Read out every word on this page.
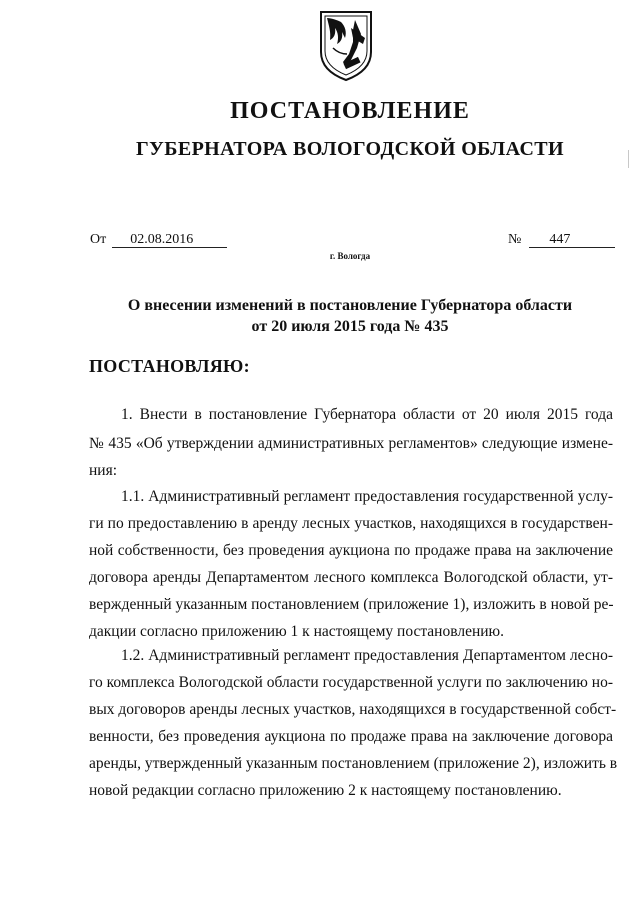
ПОСТАНОВЛЕНИЕ
ГУБЕРНАТОРА ВОЛОГОДСКОЙ ОБЛАСТИ
От 02.08.2016	№ 447
г. Вологда
О внесении изменений в постановление Губернатора области
от 20 июля 2015 года № 435
ПОСТАНОВЛЯЮ:
1. Внести в постановление Губернатора области от 20 июля 2015 года
№ 435 «Об утверждении административных регламентов» следующие измене-
ния:
1.1. Административный регламент предоставления государственной услу-
ги по предоставлению в аренду лесных участков, находящихся в государствен-
ной собственности, без проведения аукциона по продаже права на заключение
договора аренды Департаментом лесного комплекса Вологодской области, ут-
вержденный указанным постановлением (приложение 1), изложить в новой ре-
дакции согласно приложению 1 к настоящему постановлению.
1.2. Административный регламент предоставления Департаментом лесно-
го комплекса Вологодской области государственной услуги по заключению но-
вых договоров аренды лесных участков, находящихся в государственной собст-
венности, без проведения аукциона по продаже права на заключение договора
аренды, утвержденный указанным постановлением (приложение 2), изложить в
новой редакции согласно приложению 2 к настоящему постановлению.
